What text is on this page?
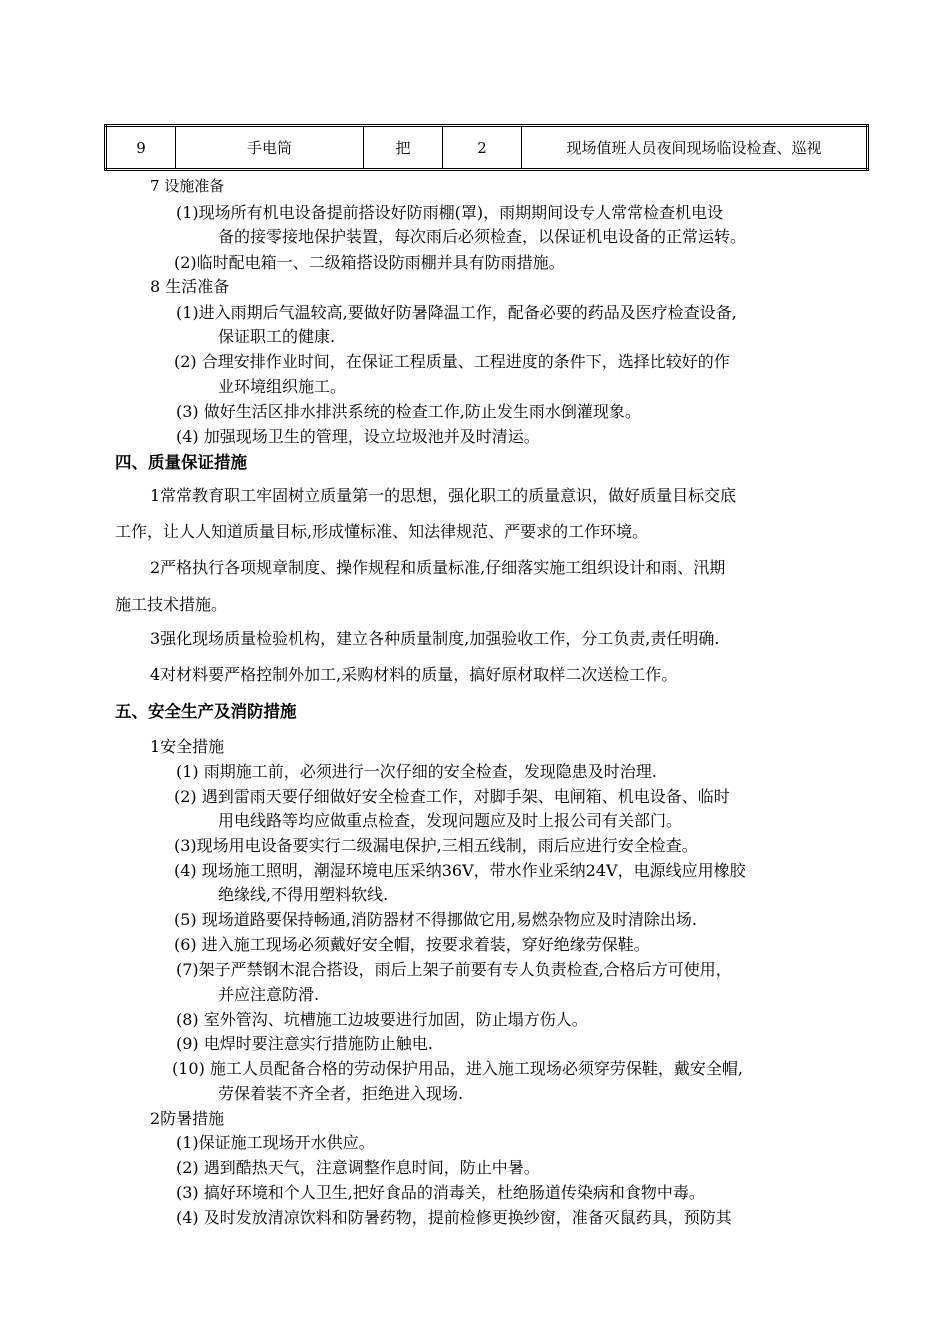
9	手电筒	把	2	现场值班人员夜间现场临设检查、巡视
7 设施准备
(1)现场所有机电设备提前搭设好防雨棚(罩)，雨期期间设专人常常检查机电设
备的接零接地保护装置，每次雨后必须检查，以保证机电设备的正常运转。
(2)临时配电箱一、二级箱搭设防雨棚并具有防雨措施。
8 生活准备
(1)进入雨期后气温较高,要做好防暑降温工作，配备必要的药品及医疗检查设备,
保证职工的健康.
(2) 合理安排作业时间，在保证工程质量、工程进度的条件下，选择比较好的作
业环境组织施工。
(3) 做好生活区排水排洪系统的检查工作,防止发生雨水倒灌现象。
(4) 加强现场卫生的管理，设立垃圾池并及时清运。
四、质量保证措施
1常常教育职工牢固树立质量第一的思想，强化职工的质量意识，做好质量目标交底
工作，让人人知道质量目标,形成懂标准、知法律规范、严要求的工作环境。
2严格执行各项规章制度、操作规程和质量标准,仔细落实施工组织设计和雨、汛期
施工技术措施。
3强化现场质量检验机构，建立各种质量制度,加强验收工作，分工负责,责任明确.
4对材料要严格控制外加工,采购材料的质量，搞好原材取样二次送检工作。
五、安全生产及消防措施
1安全措施
(1) 雨期施工前，必须进行一次仔细的安全检查，发现隐患及时治理.
(2) 遇到雷雨天要仔细做好安全检查工作，对脚手架、电闸箱、机电设备、临时
用电线路等均应做重点检查，发现问题应及时上报公司有关部门。
(3)现场用电设备要实行二级漏电保护,三相五线制，雨后应进行安全检查。
(4) 现场施工照明，潮湿环境电压采纳36V，带水作业采纳24V，电源线应用橡胶
绝缘线,不得用塑料软线.
(5) 现场道路要保持畅通,消防器材不得挪做它用,易燃杂物应及时清除出场.
(6) 进入施工现场必须戴好安全帽，按要求着装，穿好绝缘劳保鞋。
(7)架子严禁钢木混合搭设，雨后上架子前要有专人负责检查,合格后方可使用，
并应注意防滑.
(8) 室外管沟、坑槽施工边坡要进行加固，防止塌方伤人。
(9) 电焊时要注意实行措施防止触电.
(10) 施工人员配备合格的劳动保护用品，进入施工现场必须穿劳保鞋，戴安全帽,
劳保着装不齐全者，拒绝进入现场.
2防暑措施
(1)保证施工现场开水供应。
(2) 遇到酷热天气，注意调整作息时间，防止中暑。
(3) 搞好环境和个人卫生,把好食品的消毒关，杜绝肠道传染病和食物中毒。
(4) 及时发放清凉饮料和防暑药物，提前检修更换纱窗，准备灭鼠药具，预防其
